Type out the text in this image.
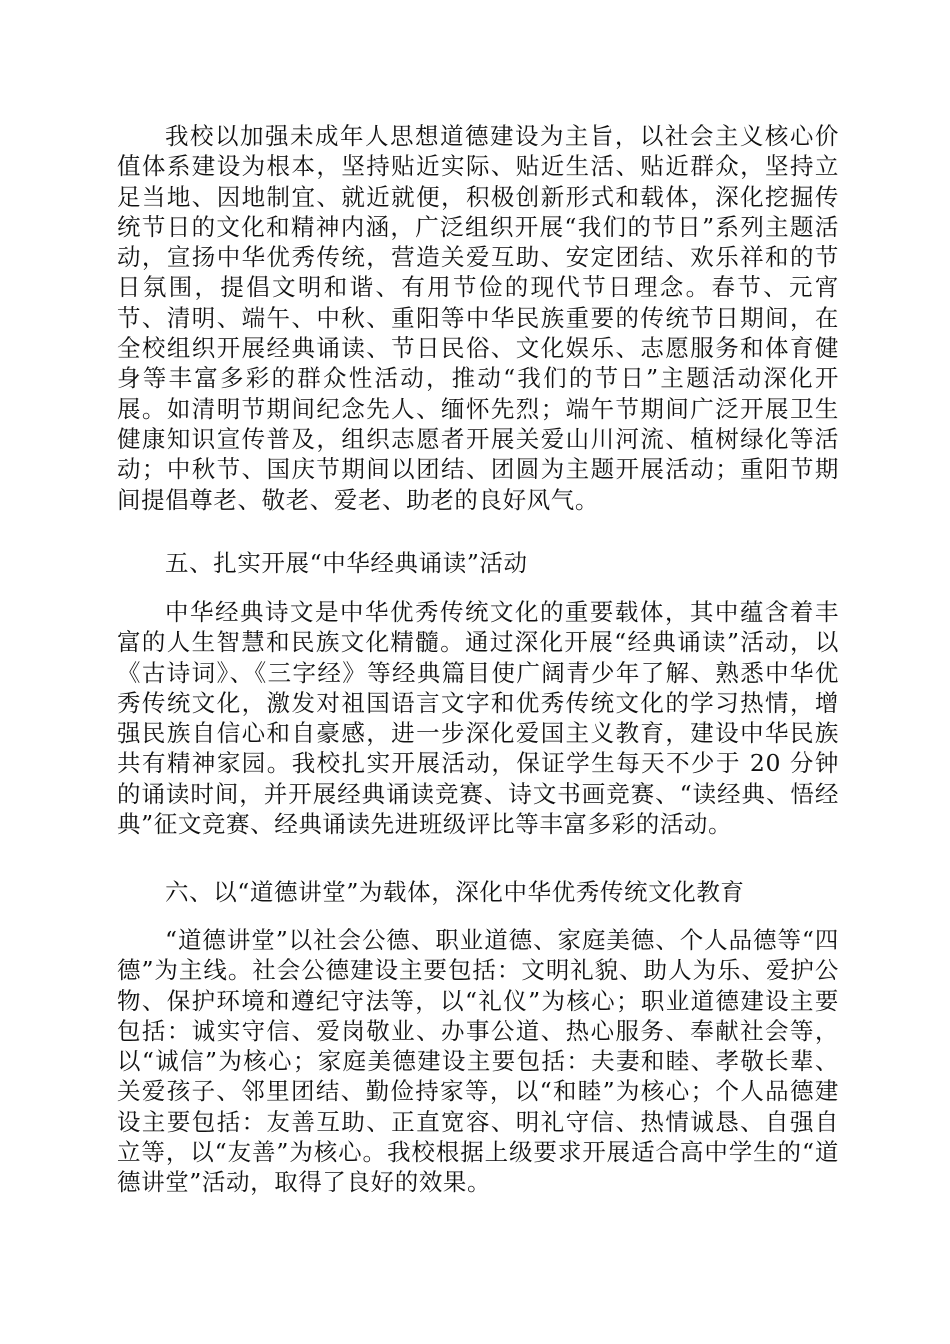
我校以加强未成年人思想道德建设为主旨，以社会主义核心价值体系建设为根本，坚持贴近实际、贴近生活、贴近群众，坚持立足当地、因地制宜、就近就便，积极创新形式和载体，深化挖掘传统节日的文化和精神内涵，广泛组织开展“我们的节日”系列主题活动，宣扬中华优秀传统，营造关爱互助、安定团结、欢乐祥和的节日氛围，提倡文明和谐、有用节俭的现代节日理念。春节、元宵节、清明、端午、中秋、重阳等中华民族重要的传统节日期间，在全校组织开展经典诵读、节日民俗、文化娱乐、志愿服务和体育健身等丰富多彩的群众性活动，推动“我们的节日”主题活动深化开展。如清明节期间纪念先人、缅怀先烈；端午节期间广泛开展卫生健康知识宣传普及，组织志愿者开展关爱山川河流、植树绿化等活动；中秋节、国庆节期间以团结、团圆为主题开展活动；重阳节期间提倡尊老、敬老、爱老、助老的良好风气。

五、扎实开展“中华经典诵读”活动

中华经典诗文是中华优秀传统文化的重要载体，其中蕴含着丰富的人生智慧和民族文化精髓。通过深化开展“经典诵读”活动，以《古诗词》、《三字经》等经典篇目使广阔青少年了解、熟悉中华优秀传统文化，激发对祖国语言文字和优秀传统文化的学习热情，增强民族自信心和自豪感，进一步深化爱国主义教育，建设中华民族共有精神家园。我校扎实开展活动，保证学生每天不少于 20 分钟的诵读时间，并开展经典诵读竞赛、诗文书画竞赛、“读经典、悟经典”征文竞赛、经典诵读先进班级评比等丰富多彩的活动。

六、以“道德讲堂”为载体，深化中华优秀传统文化教育

“道德讲堂”以社会公德、职业道德、家庭美德、个人品德等“四德”为主线。社会公德建设主要包括：文明礼貌、助人为乐、爱护公物、保护环境和遵纪守法等，以“礼仪”为核心；职业道德建设主要包括：诚实守信、爱岗敬业、办事公道、热心服务、奉献社会等，以“诚信”为核心；家庭美德建设主要包括：夫妻和睦、孝敬长辈、关爱孩子、邻里团结、勤俭持家等，以“和睦”为核心；个人品德建设主要包括：友善互助、正直宽容、明礼守信、热情诚恳、自强自立等，以“友善”为核心。我校根据上级要求开展适合高中学生的“道德讲堂”活动，取得了良好的效果。
